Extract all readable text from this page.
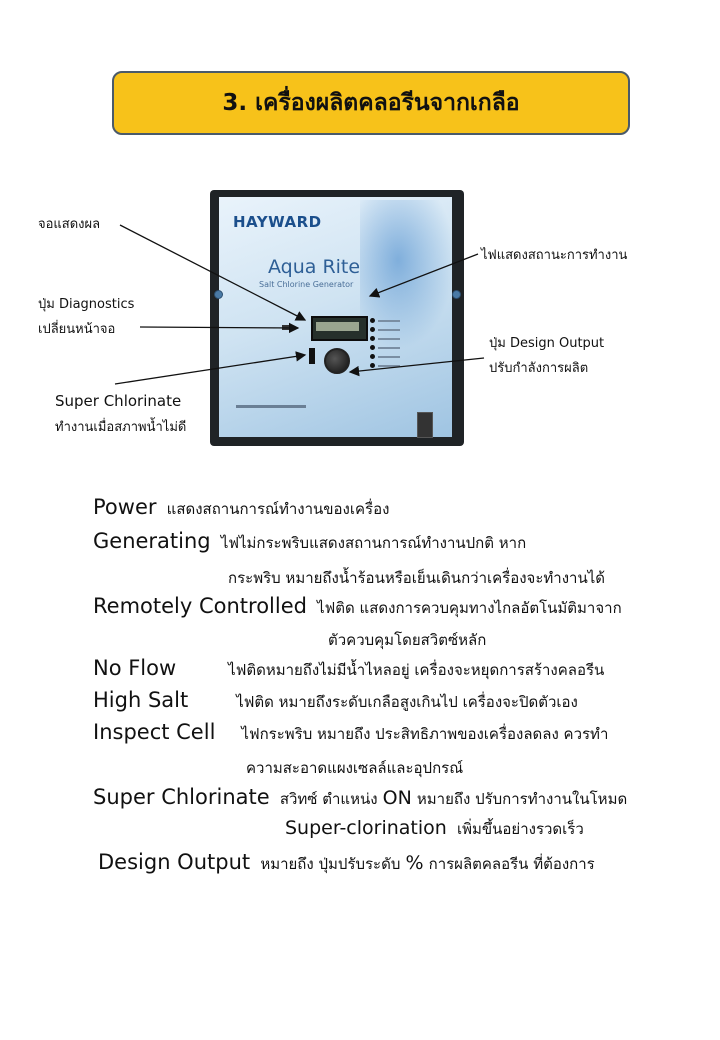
3. เครื่องผลิตคลอรีนจากเกลือ
HAYWARD
Aqua Rite
Salt Chlorine Generator
จอแสดงผล
ปุ่ม Diagnostics
เปลี่ยนหน้าจอ
Super Chlorinate
ทำงานเมื่อสภาพน้ำไม่ดี
ไฟแสดงสถานะการทำงาน
ปุ่ม Design Output
ปรับกำลังการผลิต
Power แสดงสถานการณ์ทำงานของเครื่อง
Generating ไฟไม่กระพริบแสดงสถานการณ์ทำงานปกติ หาก
กระพริบ หมายถึงน้ำร้อนหรือเย็นเดินกว่าเครื่องจะทำงานได้
Remotely Controlled ไฟติด แสดงการควบคุมทางไกลอัตโนมัติมาจาก
ตัวควบคุมโดยสวิตซ์หลัก
No Flow	ไฟติดหมายถึงไม่มีน้ำไหลอยู่ เครื่องจะหยุดการสร้างคลอรีน
High Salt	ไฟติด หมายถึงระดับเกลือสูงเกินไป เครื่องจะปิดตัวเอง
Inspect Cell ไฟกระพริบ หมายถึง ประสิทธิภาพของเครื่องลดลง ควรทำ
ความสะอาดแผงเซลล์และอุปกรณ์
Super Chlorinate สวิทซ์ ตำแหน่ง ON หมายถึง ปรับการทำงานในโหมด
Super-clorination เพิ่มขึ้นอย่างรวดเร็ว
Design Output หมายถึง ปุ่มปรับระดับ % การผลิตคลอรีน ที่ต้องการ
